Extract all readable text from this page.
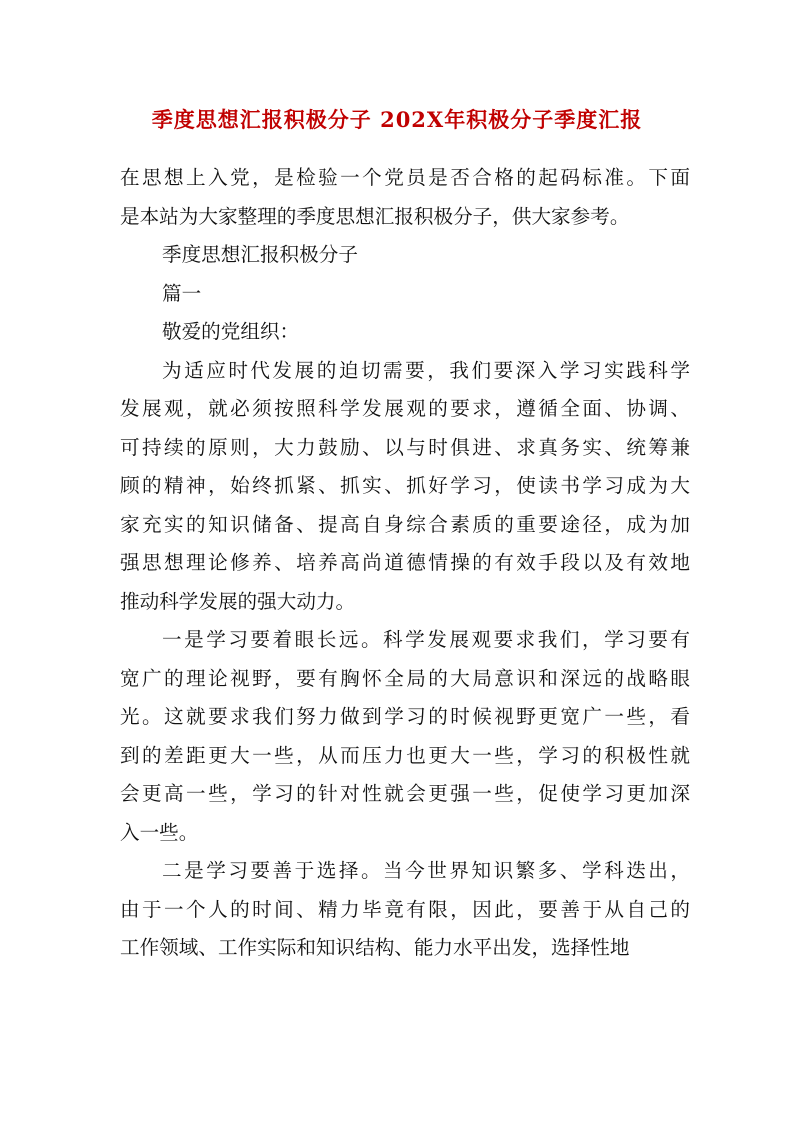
季度思想汇报积极分子 202X年积极分子季度汇报
在思想上入党，是检验一个党员是否合格的起码标准。下面
是本站为大家整理的季度思想汇报积极分子，供大家参考。
季度思想汇报积极分子
篇一
敬爱的党组织：
为适应时代发展的迫切需要，我们要深入学习实践科学
发展观，就必须按照科学发展观的要求，遵循全面、协调、
可持续的原则，大力鼓励、以与时俱进、求真务实、统筹兼
顾的精神，始终抓紧、抓实、抓好学习，使读书学习成为大
家充实的知识储备、提高自身综合素质的重要途径，成为加
强思想理论修养、培养高尚道德情操的有效手段以及有效地
推动科学发展的强大动力。
一是学习要着眼长远。科学发展观要求我们，学习要有
宽广的理论视野，要有胸怀全局的大局意识和深远的战略眼
光。这就要求我们努力做到学习的时候视野更宽广一些，看
到的差距更大一些，从而压力也更大一些，学习的积极性就
会更高一些，学习的针对性就会更强一些，促使学习更加深
入一些。
二是学习要善于选择。当今世界知识繁多、学科迭出，
由于一个人的时间、精力毕竟有限，因此，要善于从自己的
工作领域、工作实际和知识结构、能力水平出发，选择性地
